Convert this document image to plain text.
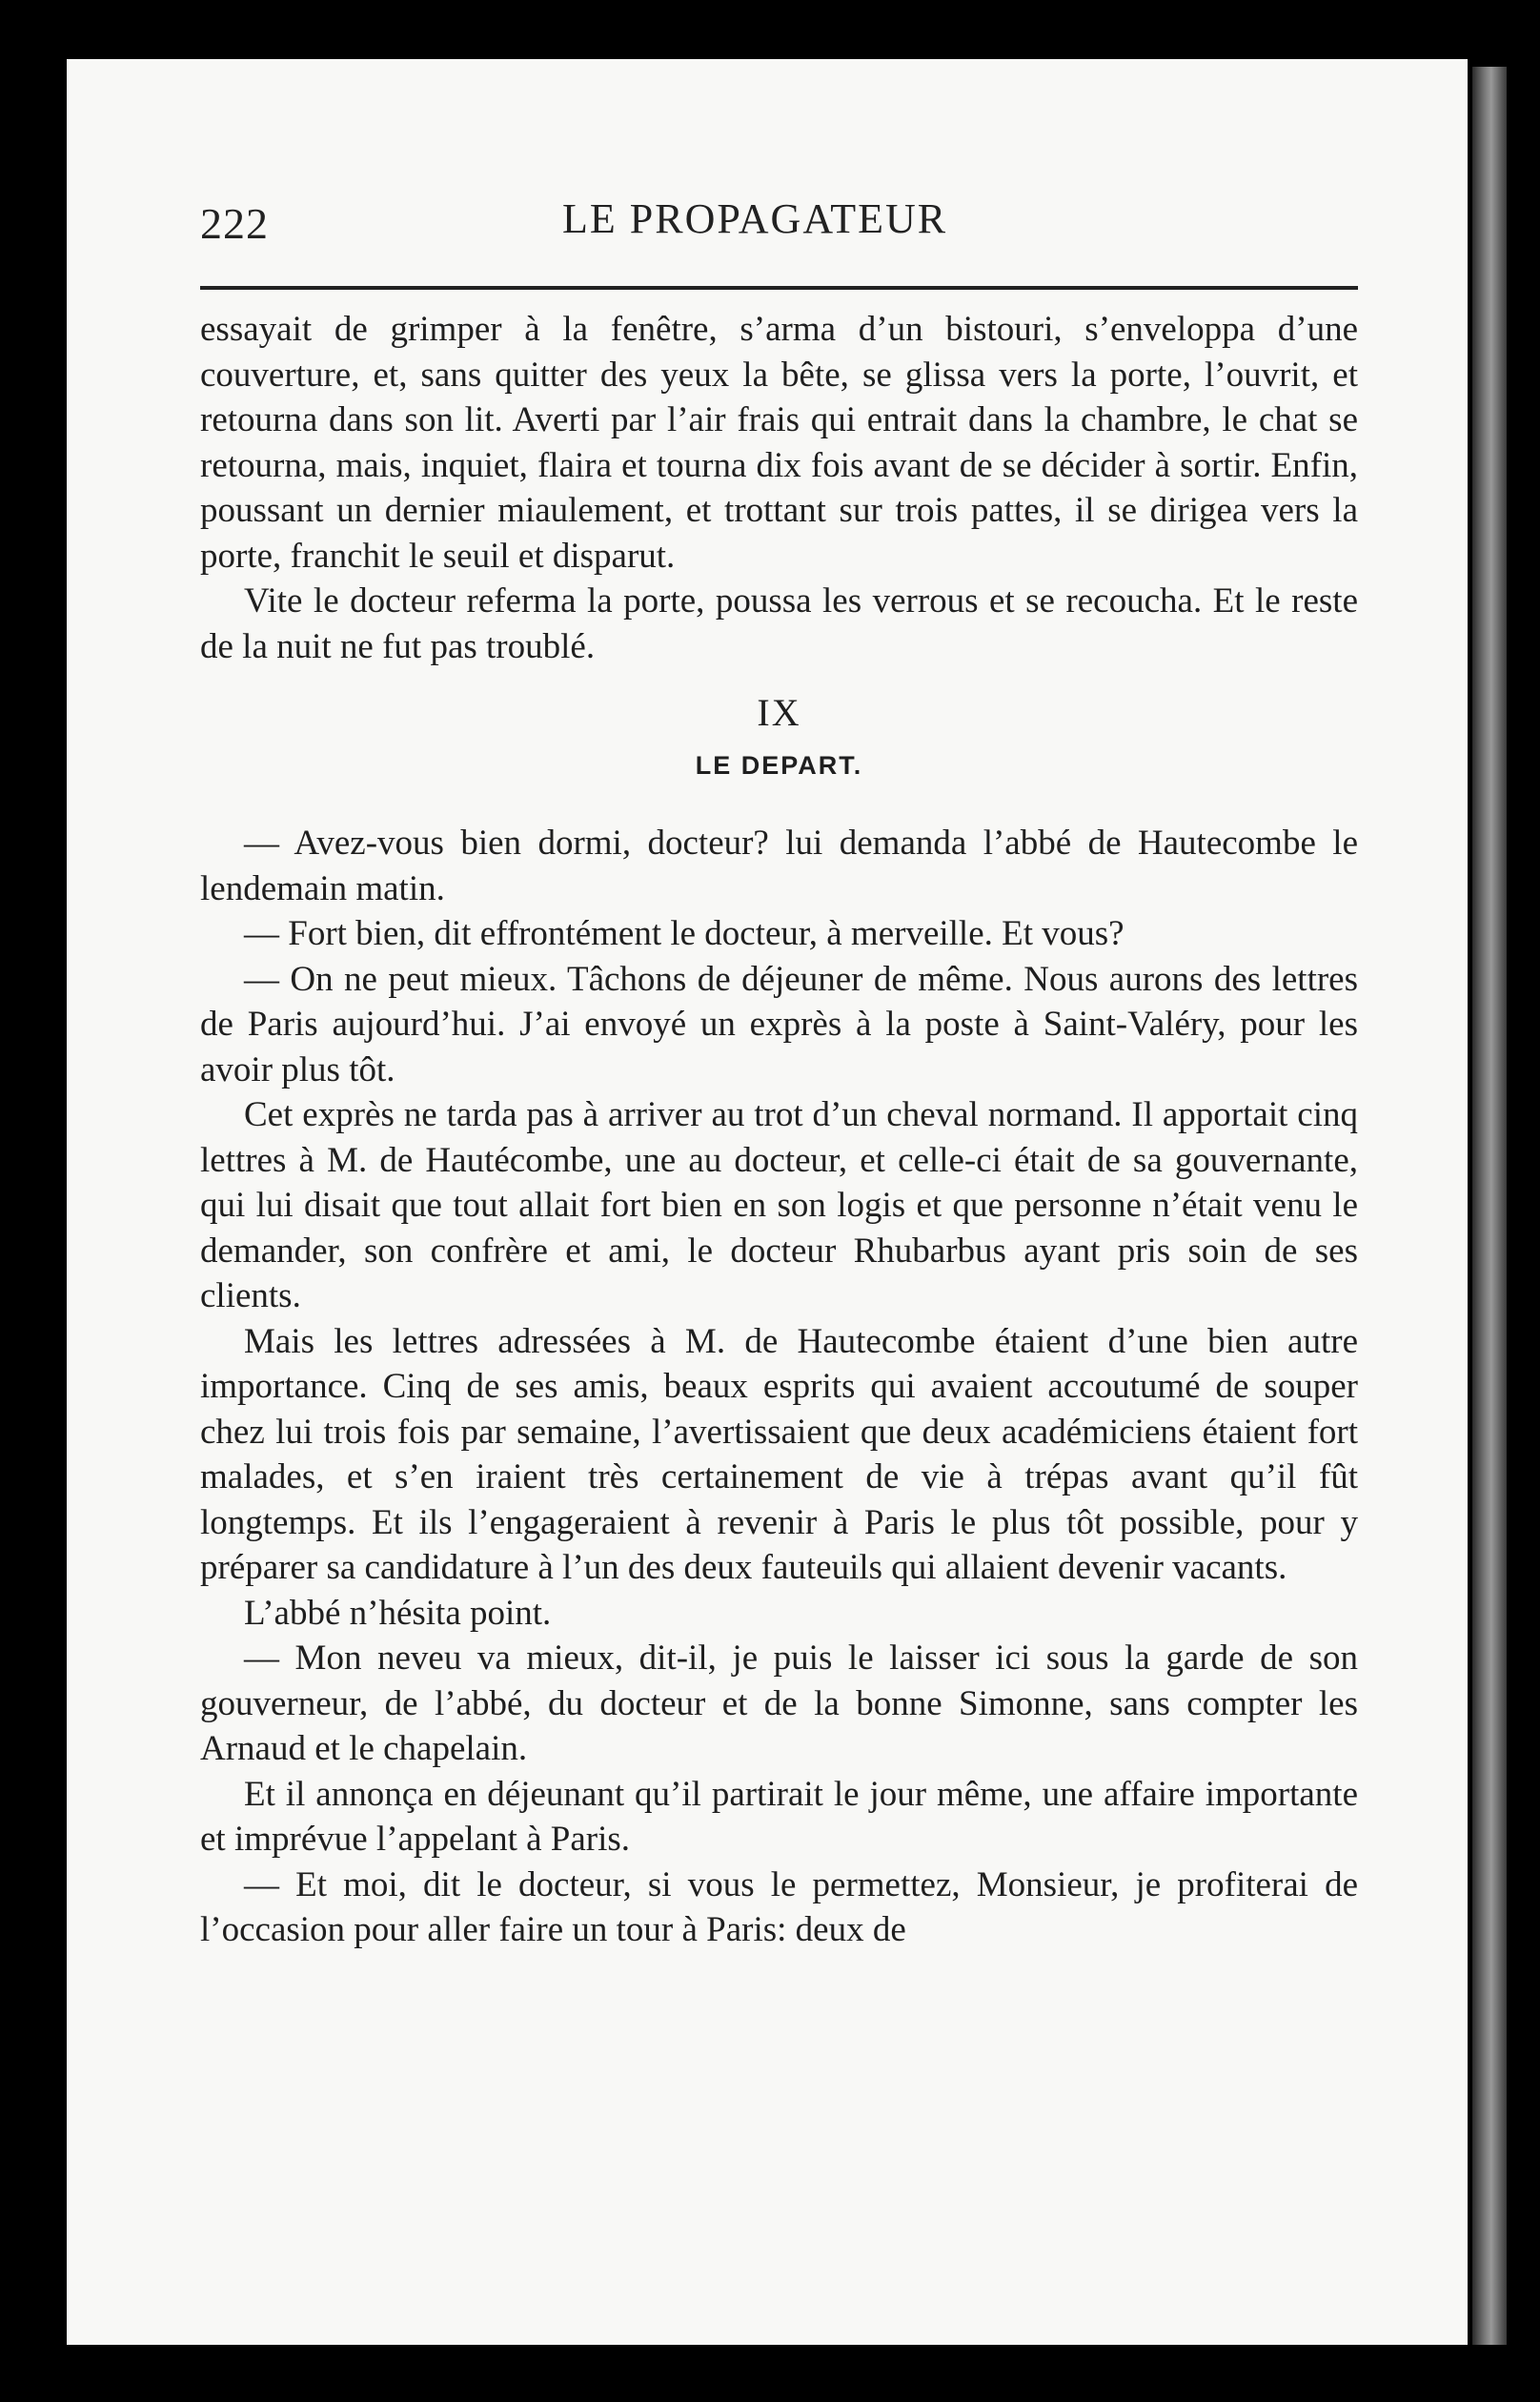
222	LE PROPAGATEUR

essayait de grimper à la fenêtre, s’arma d’un bistouri, s’enveloppa d’une couverture, et, sans quitter des yeux la bête, se glissa vers la porte, l’ouvrit, et retourna dans son lit. Averti par l’air frais qui entrait dans la chambre, le chat se retourna, mais, inquiet, flaira et tourna dix fois avant de se décider à sortir. Enfin, poussant un dernier miaulement, et trottant sur trois pattes, il se dirigea vers la porte, franchit le seuil et disparut.

Vite le docteur referma la porte, poussa les verrous et se recoucha. Et le reste de la nuit ne fut pas troublé.

IX
LE DEPART.

— Avez-vous bien dormi, docteur? lui demanda l’abbé de Hautecombe le lendemain matin.

— Fort bien, dit effrontément le docteur, à merveille. Et vous?

— On ne peut mieux. Tâchons de déjeuner de même. Nous aurons des lettres de Paris aujourd’hui. J’ai envoyé un exprès à la poste à Saint-Valéry, pour les avoir plus tôt.

Cet exprès ne tarda pas à arriver au trot d’un cheval normand. Il apportait cinq lettres à M. de Hautécombe, une au docteur, et celle-ci était de sa gouvernante, qui lui disait que tout allait fort bien en son logis et que personne n’était venu le demander, son confrère et ami, le docteur Rhubarbus ayant pris soin de ses clients.

Mais les lettres adressées à M. de Hautecombe étaient d’une bien autre importance. Cinq de ses amis, beaux esprits qui avaient accoutumé de souper chez lui trois fois par semaine, l’avertissaient que deux académiciens étaient fort malades, et s’en iraient très certainement de vie à trépas avant qu’il fût longtemps. Et ils l’engageraient à revenir à Paris le plus tôt possible, pour y préparer sa candidature à l’un des deux fauteuils qui allaient devenir vacants.

L’abbé n’hésita point.

— Mon neveu va mieux, dit-il, je puis le laisser ici sous la garde de son gouverneur, de l’abbé, du docteur et de la bonne Simonne, sans compter les Arnaud et le chapelain.

Et il annonça en déjeunant qu’il partirait le jour même, une affaire importante et imprévue l’appelant à Paris.

— Et moi, dit le docteur, si vous le permettez, Monsieur, je profiterai de l’occasion pour aller faire un tour à Paris: deux de
